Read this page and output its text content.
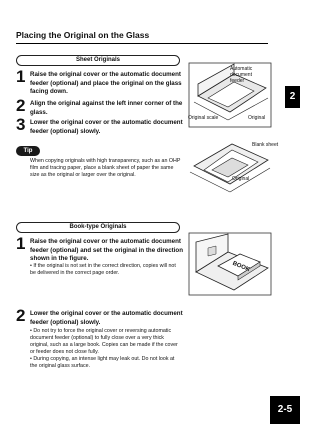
Placing the Original on the Glass
2
Sheet Originals
1 Raise the original cover or the automatic document feeder (optional) and place the original on the glass facing down.
2 Align the original against the left inner corner of the glass.
3 Lower the original cover or the automatic document feeder (optional) slowly.
Tip
When copying originals with high transparency, such as an OHP film and tracing paper, place a blank sheet of paper the same size as the original or larger over the original.
Automatic document feeder
Original scale	Original
Blank sheet
Original
Book-type Originals
1 Raise the original cover or the automatic document feeder (optional) and set the original in the direction shown in the figure.
• If the original is not set in the correct direction, copies will not be delivered in the correct page order.
2 Lower the original cover or the automatic document feeder (optional) slowly.
• Do not try to force the original cover or reversing automatic document feeder (optional) to fully close over a very thick original, such as a large book. Copies can be made if the cover or feeder does not close fully.
• During copying, an intense light may leak out. Do not look at the original glass surface.
BOOK
2-5
